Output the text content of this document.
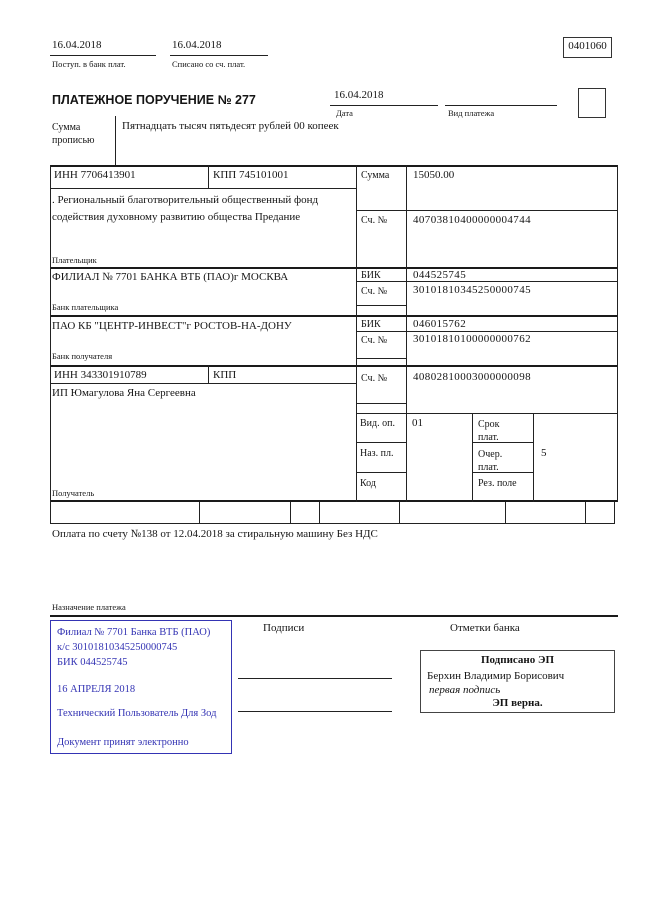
16.04.2018
Поступ. в банк плат.
16.04.2018
Списано со сч. плат.
0401060
ПЛАТЕЖНОЕ ПОРУЧЕНИЕ № 277	16.04.2018
Дата	Вид платежа
Сумма прописью
Пятнадцать тысяч пятьдесят рублей 00 копеек
ИНН 7706413901	КПП 745101001	Сумма 15050.00
. Региональный благотворительный общественный фонд содействия духовному развитию общества Предание	Сч. № 40703810400000004744
Плательщик
ФИЛИАЛ № 7701 БАНКА ВТБ (ПАО)г МОСКВА	БИК	044525745
Сч. № 30101810345250000745
Банк плательщика
ПАО КБ "ЦЕНТР-ИНВЕСТ"г РОСТОВ-НА-ДОНУ	БИК	046015762
Сч. № 30101810100000000762
Банк получателя
ИНН 343301910789	КПП	Сч. № 40802810003000000098
ИП Юмагулова Яна Сергеевна
Получатель
Вид. оп. 01	Срок плат.
Наз. пл.	Очер. плат.
5
Код	Рез. поле
Оплата по счету №138 от 12.04.2018 за стиральную машину Без НДС
Назначение платежа
Филиал № 7701 Банка ВТБ (ПАО)
к/с 30101810345250000745
БИК 044525745
16 АПРЕЛЯ 2018
Технический Пользователь Для Зод
Документ принят электронно
Подписи	Отметки банка
Подписано ЭП
Берхин Владимир Борисович
первая подпись
ЭП верна.
